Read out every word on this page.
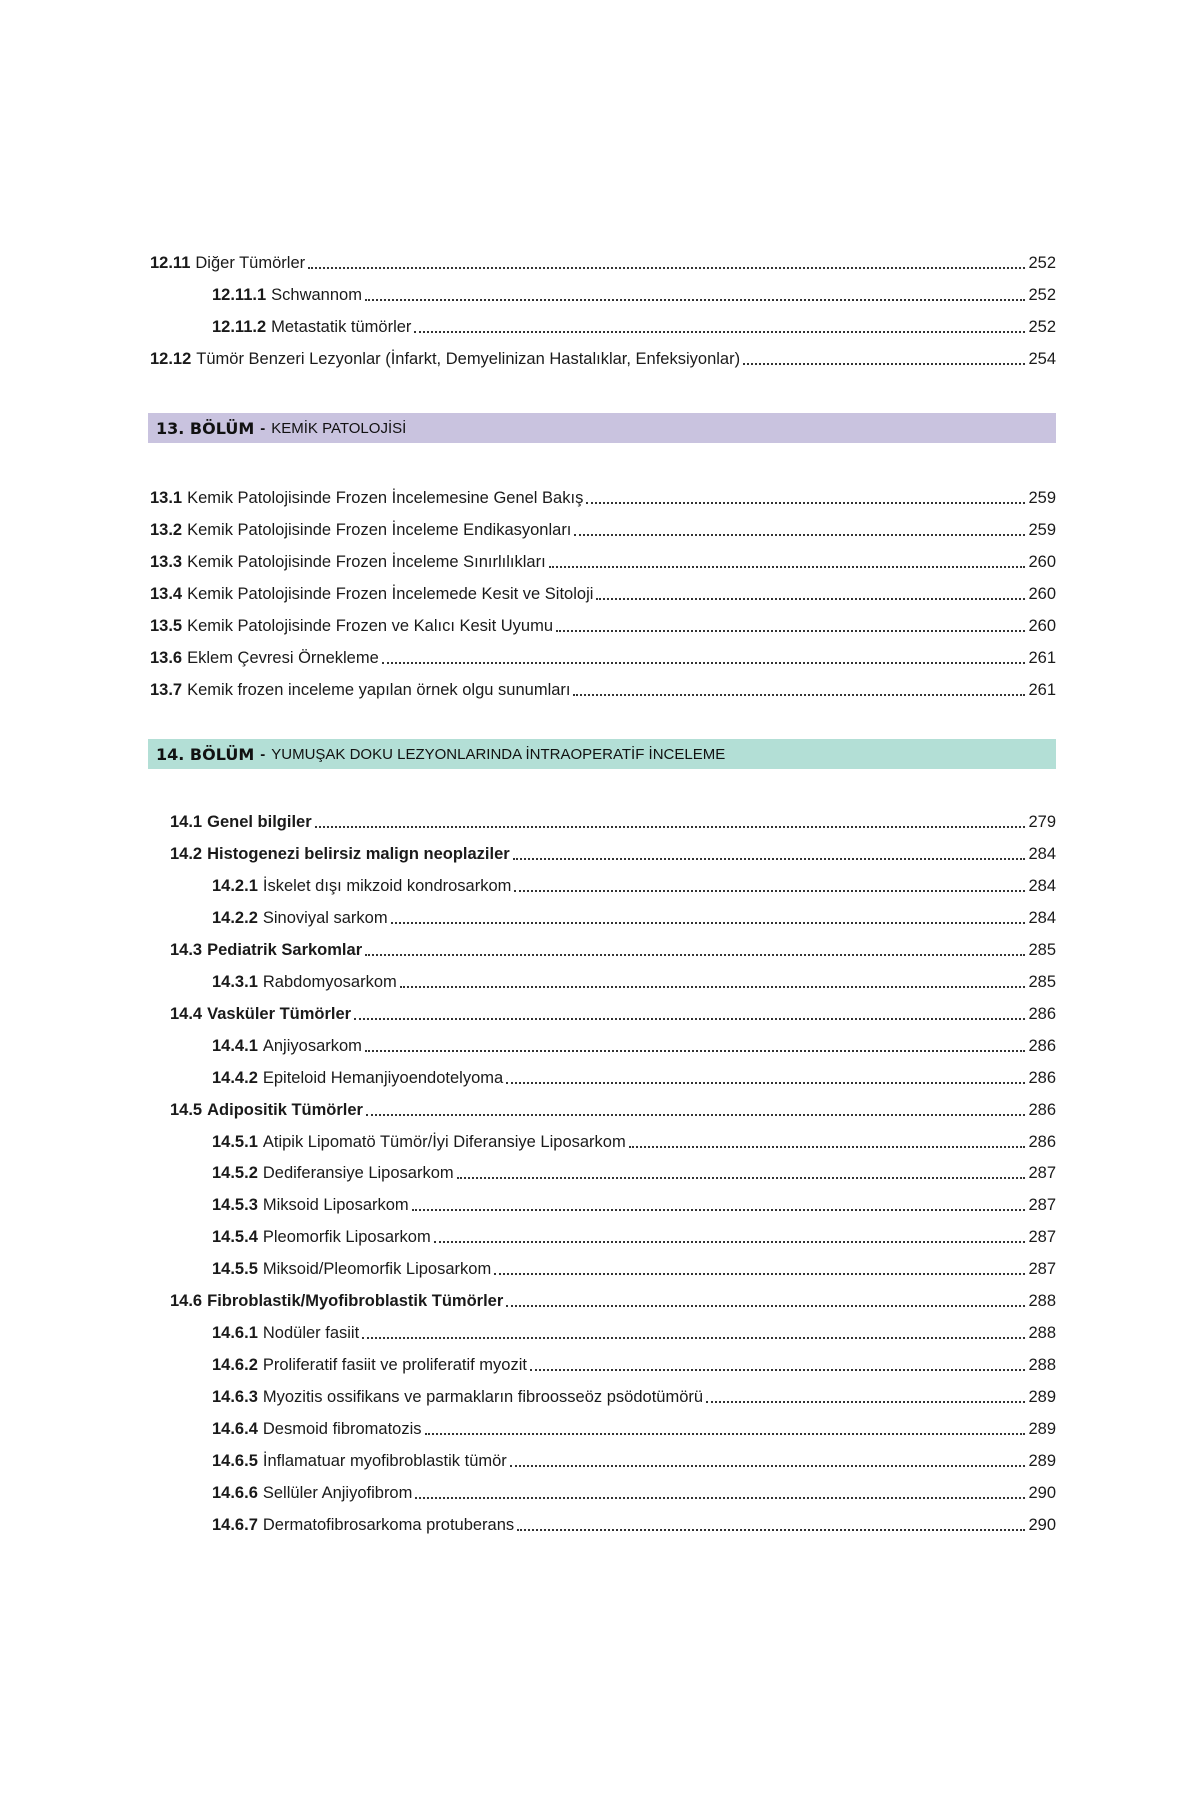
12.11 Diğer Tümörler	252
12.11.1 Schwannom	252
12.11.2 Metastatik tümörler	252
12.12 Tümör Benzeri Lezyonlar (İnfarkt, Demyelinizan Hastalıklar, Enfeksiyonlar)	254
13. BÖLÜM - KEMİK PATOLOJİSİ
13.1 Kemik Patolojisinde Frozen İncelemesine Genel Bakış	259
13.2 Kemik Patolojisinde Frozen İnceleme Endikasyonları	259
13.3 Kemik Patolojisinde Frozen İnceleme Sınırlılıkları	260
13.4 Kemik Patolojisinde Frozen İncelemede Kesit ve Sitoloji	260
13.5 Kemik Patolojisinde Frozen ve Kalıcı Kesit Uyumu	260
13.6 Eklem Çevresi Örnekleme	261
13.7 Kemik frozen inceleme yapılan örnek olgu sunumları	261
14. BÖLÜM - YUMUŞAK DOKU LEZYONLARINDA İNTRAOPERATİF İNCELEME
14.1 Genel bilgiler	279
14.2 Histogenezi belirsiz malign neoplaziler	284
14.2.1 İskelet dışı mikzoid kondrosarkom	284
14.2.2 Sinoviyal sarkom	284
14.3 Pediatrik Sarkomlar	285
14.3.1 Rabdomyosarkom	285
14.4 Vasküler Tümörler	286
14.4.1 Anjiyosarkom	286
14.4.2 Epiteloid Hemanjiyoendotelyoma	286
14.5 Adipositik Tümörler	286
14.5.1 Atipik Lipomatö Tümör/İyi Diferansiye Liposarkom	286
14.5.2 Dediferansiye Liposarkom	287
14.5.3 Miksoid Liposarkom	287
14.5.4 Pleomorfik Liposarkom	287
14.5.5 Miksoid/Pleomorfik Liposarkom	287
14.6 Fibroblastik/Myofibroblastik Tümörler	288
14.6.1 Nodüler fasiit	288
14.6.2 Proliferatif fasiit ve proliferatif myozit	288
14.6.3 Myozitis ossifikans ve parmakların fibroosseöz psödotümörü	289
14.6.4 Desmoid fibromatozis	289
14.6.5 İnflamatuar myofibroblastik tümör	289
14.6.6 Sellüler Anjiyofibrom	290
14.6.7 Dermatofibrosarkoma protuberans	290
